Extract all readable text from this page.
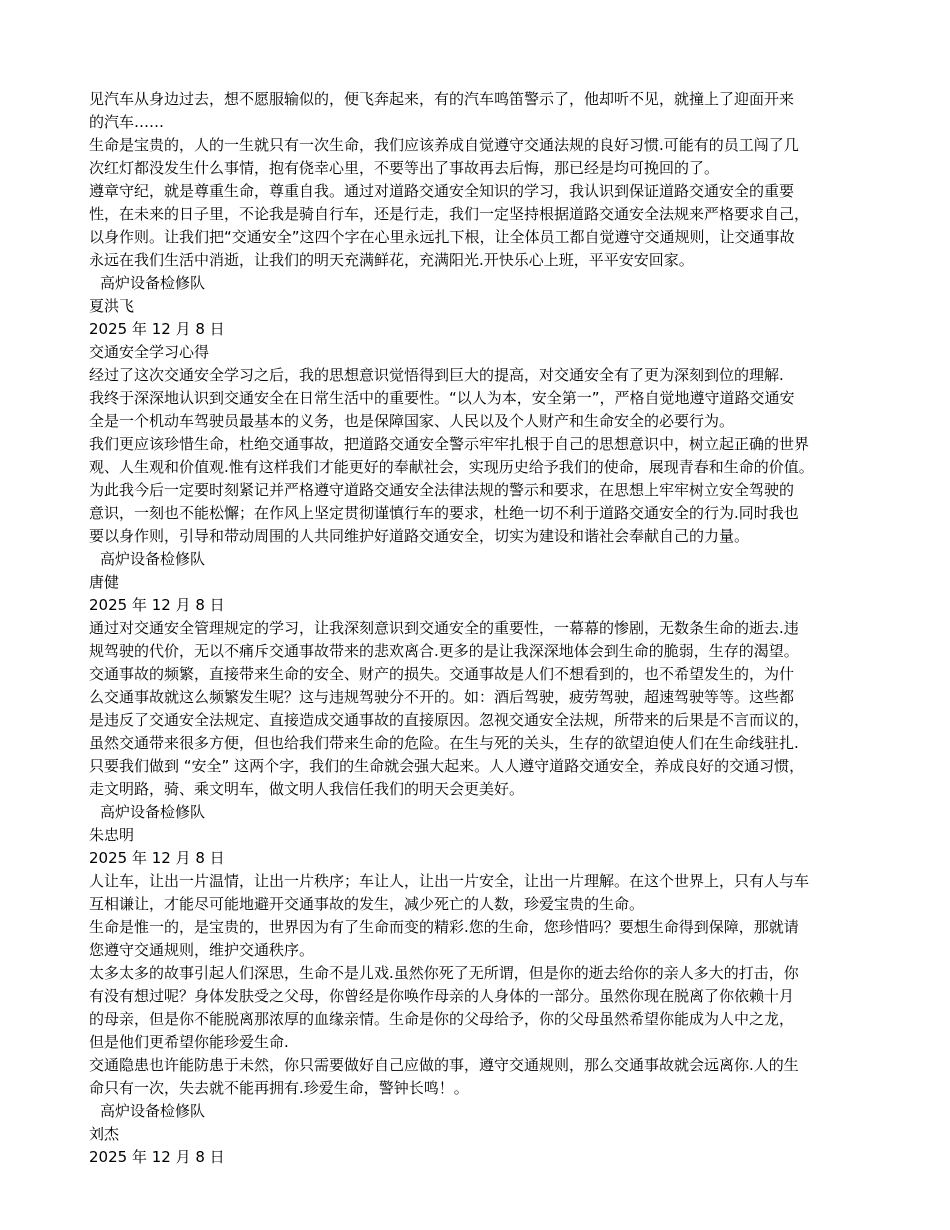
见汽车从身边过去，想不愿服输似的，便飞奔起来，有的汽车鸣笛警示了，他却听不见，就撞上了迎面开来
的汽车……
生命是宝贵的，人的一生就只有一次生命，我们应该养成自觉遵守交通法规的良好习惯.可能有的员工闯了几
次红灯都没发生什么事情，抱有侥幸心里，不要等出了事故再去后悔，那已经是均可挽回的了。
遵章守纪，就是尊重生命，尊重自我。通过对道路交通安全知识的学习，我认识到保证道路交通安全的重要
性，在未来的日子里，不论我是骑自行车，还是行走，我们一定坚持根据道路交通安全法规来严格要求自己，
以身作则。让我们把“交通安全”这四个字在心里永远扎下根，让全体员工都自觉遵守交通规则，让交通事故
永远在我们生活中消逝，让我们的明天充满鲜花，充满阳光.开快乐心上班，平平安安回家。
高炉设备检修队
夏洪飞
2025 年 12 月 8 日
交通安全学习心得
经过了这次交通安全学习之后，我的思想意识觉悟得到巨大的提高，对交通安全有了更为深刻到位的理解.
我终于深深地认识到交通安全在日常生活中的重要性。“以人为本，安全第一”，严格自觉地遵守道路交通安
全是一个机动车驾驶员最基本的义务，也是保障国家、人民以及个人财产和生命安全的必要行为。
我们更应该珍惜生命，杜绝交通事故，把道路交通安全警示牢牢扎根于自己的思想意识中，树立起正确的世界
观、人生观和价值观.惟有这样我们才能更好的奉献社会，实现历史给予我们的使命，展现青春和生命的价值。
为此我今后一定要时刻紧记并严格遵守道路交通安全法律法规的警示和要求，在思想上牢牢树立安全驾驶的
意识，一刻也不能松懈；在作风上坚定贯彻谨慎行车的要求，杜绝一切不利于道路交通安全的行为.同时我也
要以身作则，引导和带动周围的人共同维护好道路交通安全，切实为建设和谐社会奉献自己的力量。
高炉设备检修队
唐健
2025 年 12 月 8 日
通过对交通安全管理规定的学习，让我深刻意识到交通安全的重要性，一幕幕的惨剧，无数条生命的逝去.违
规驾驶的代价，无以不痛斥交通事故带来的悲欢离合.更多的是让我深深地体会到生命的脆弱，生存的渴望。
交通事故的频繁，直接带来生命的安全、财产的损失。交通事故是人们不想看到的，也不希望发生的，为什
么交通事故就这么频繁发生呢？这与违规驾驶分不开的。如：酒后驾驶，疲劳驾驶，超速驾驶等等。这些都
是违反了交通安全法规定、直接造成交通事故的直接原因。忽视交通安全法规，所带来的后果是不言而议的，
虽然交通带来很多方便，但也给我们带来生命的危险。在生与死的关头，生存的欲望迫使人们在生命线驻扎.
只要我们做到 “安全” 这两个字，我们的生命就会强大起来。人人遵守道路交通安全，养成良好的交通习惯，
走文明路，骑、乘文明车，做文明人我信任我们的明天会更美好。
高炉设备检修队
朱忠明
2025 年 12 月 8 日
人让车，让出一片温情，让出一片秩序；车让人，让出一片安全，让出一片理解。在这个世界上，只有人与车
互相谦让，才能尽可能地避开交通事故的发生，减少死亡的人数，珍爱宝贵的生命。
生命是惟一的，是宝贵的，世界因为有了生命而变的精彩.您的生命，您珍惜吗？要想生命得到保障，那就请
您遵守交通规则，维护交通秩序。
太多太多的故事引起人们深思，生命不是儿戏.虽然你死了无所谓，但是你的逝去给你的亲人多大的打击，你
有没有想过呢？身体发肤受之父母，你曾经是你唤作母亲的人身体的一部分。虽然你现在脱离了你依赖十月
的母亲，但是你不能脱离那浓厚的血缘亲情。生命是你的父母给予，你的父母虽然希望你能成为人中之龙，
但是他们更希望你能珍爱生命.
交通隐患也许能防患于未然，你只需要做好自己应做的事，遵守交通规则，那么交通事故就会远离你.人的生
命只有一次，失去就不能再拥有.珍爱生命，警钟长鸣！。
高炉设备检修队
刘杰
2025 年 12 月 8 日
